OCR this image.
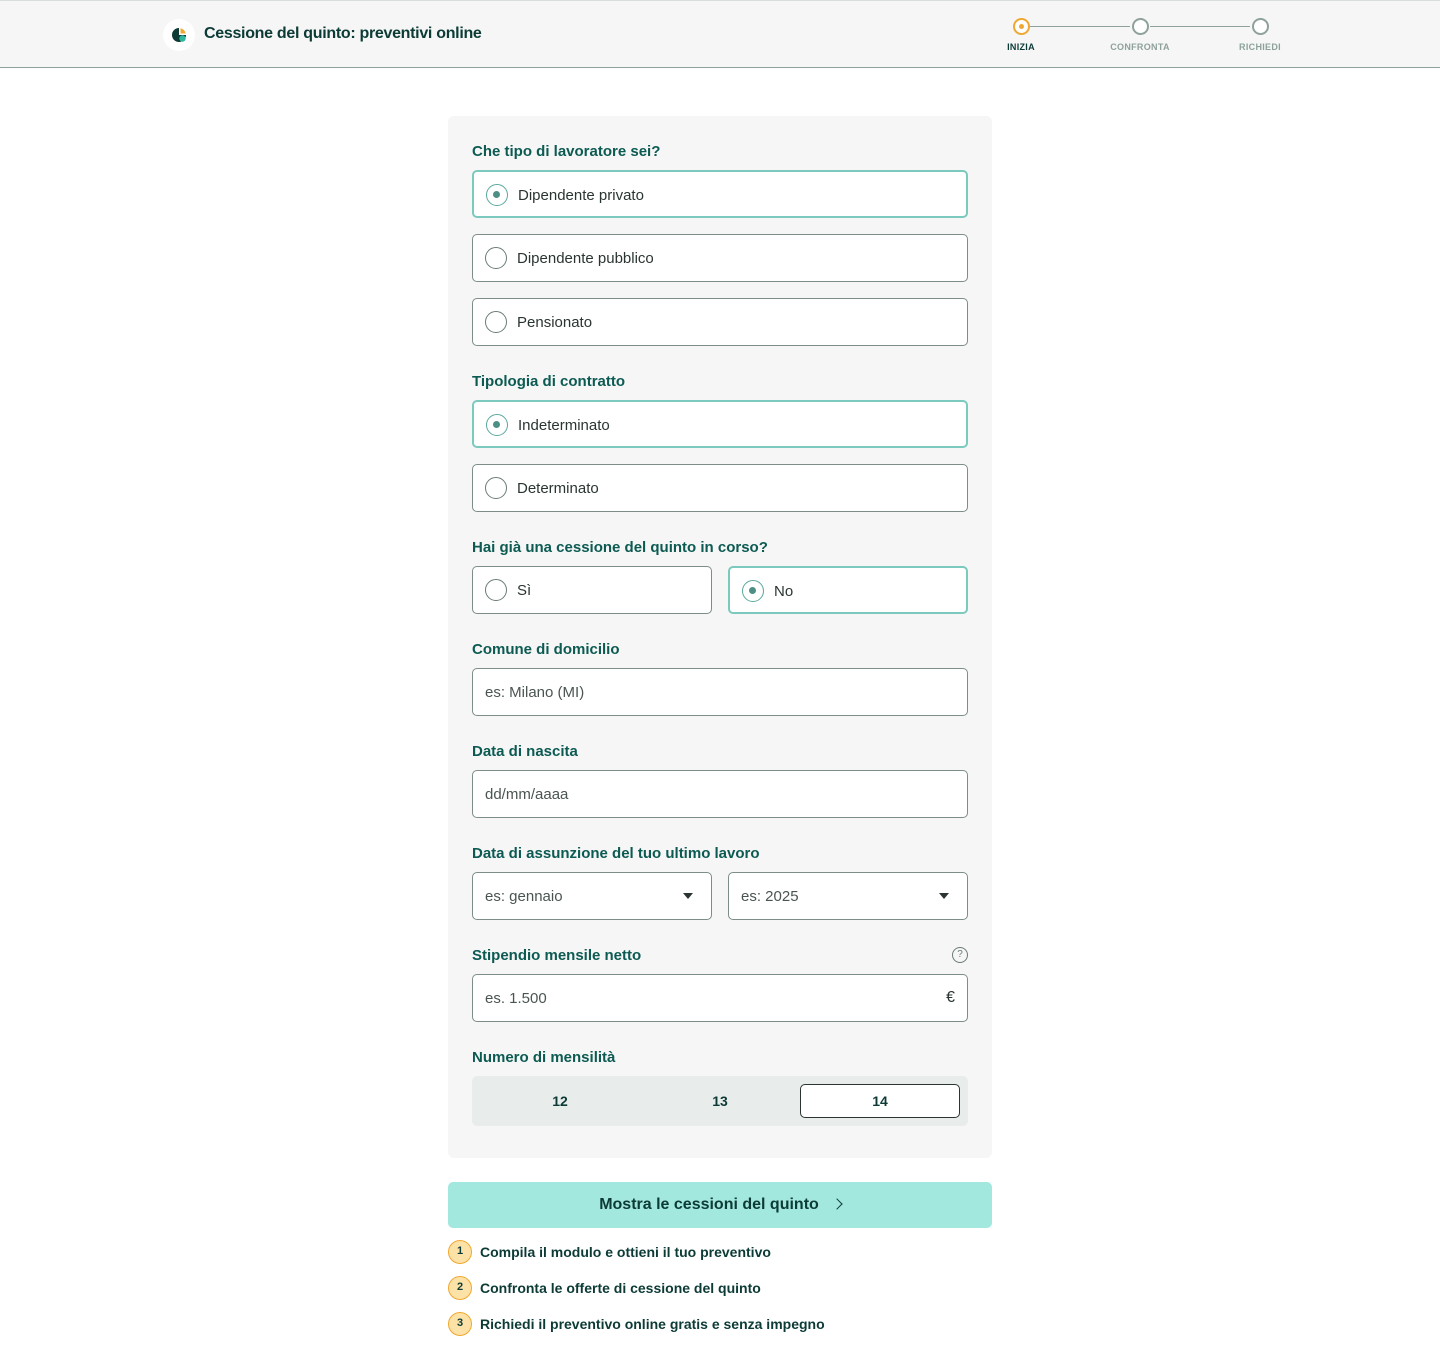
Cessione del quinto: preventivi online
INIZIA	CONFRONTA	RICHIEDI
Che tipo di lavoratore sei?
Dipendente privato
Dipendente pubblico
Pensionato
Tipologia di contratto
Indeterminato
Determinato
Hai già una cessione del quinto in corso?
Sì	No
Comune di domicilio
es: Milano (MI)
Data di nascita
dd/mm/aaaa
Data di assunzione del tuo ultimo lavoro
es: gennaio	es: 2025
Stipendio mensile netto	?
es. 1.500	€
Numero di mensilità
12	13	14
Mostra le cessioni del quinto
1	Compila il modulo e ottieni il tuo preventivo
2	Confronta le offerte di cessione del quinto
3	Richiedi il preventivo online gratis e senza impegno
